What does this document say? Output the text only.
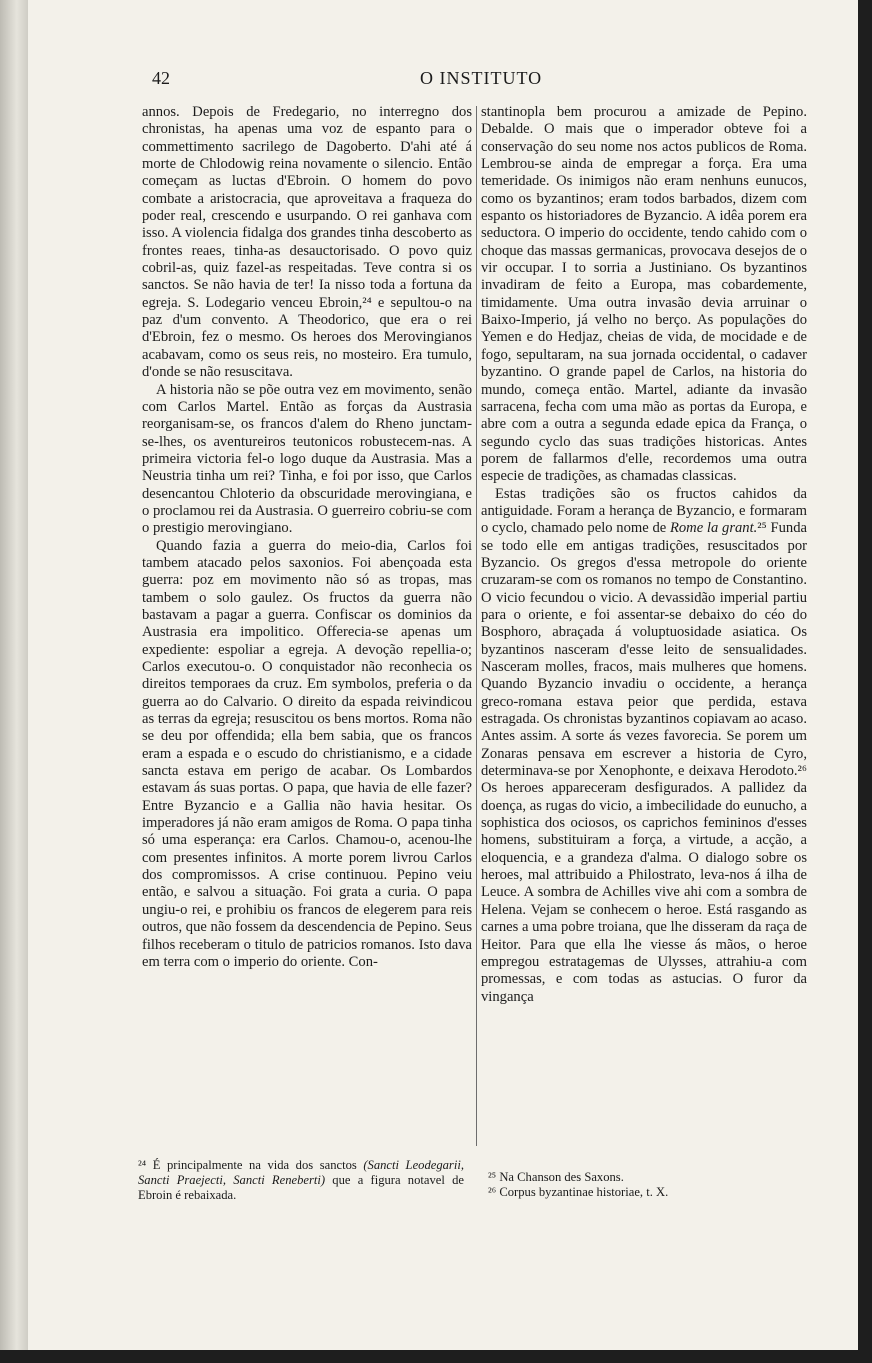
42	O INSTITUTO

annos. Depois de Fredegario, no interregno dos chronistas, ha apenas uma voz de espanto para o commettimento sacrilego de Dagoberto. D'ahi até á morte de Chlodowig reina novamente o silencio. Então começam as luctas d'Ebroin. O homem do povo combate a aristocracia, que aproveitava a fraqueza do poder real, crescendo e usurpando. O rei ganhava com isso. A violencia fidalga dos grandes tinha descoberto as frontes reaes, tinha-as desauctorisado. O povo quiz cobril-as, quiz fazel-as respeitadas. Teve contra si os sanctos. Se não havia de ter! Ia nisso toda a fortuna da egreja. S. Lodegario venceu Ebroin,²⁴ e sepultou-o na paz d'um convento. A Theodorico, que era o rei d'Ebroin, fez o mesmo. Os heroes dos Merovingianos acabavam, como os seus reis, no mosteiro. Era tumulo, d'onde se não resuscitava.

A historia não se põe outra vez em movimento, senão com Carlos Martel. Então as forças da Austrasia reorganisam-se, os francos d'alem do Rheno junctam-se-lhes, os aventureiros teutonicos robustecem-nas. A primeira victoria fel-o logo duque da Austrasia. Mas a Neustria tinha um rei? Tinha, e foi por isso, que Carlos desencantou Chloterio da obscuridade merovingiana, e o proclamou rei da Austrasia. O guerreiro cobriu-se com o prestigio merovingiano.

Quando fazia a guerra do meio-dia, Carlos foi tambem atacado pelos saxonios. Foi abençoada esta guerra: poz em movimento não só as tropas, mas tambem o solo gaulez. Os fructos da guerra não bastavam a pagar a guerra. Confiscar os dominios da Austrasia era impolitico. Offerecia-se apenas um expediente: espoliar a egreja. A devoção repellia-o; Carlos executou-o. O conquistador não reconhecia os direitos temporaes da cruz. Em symbolos, preferia o da guerra ao do Calvario. O direito da espada reivindicou as terras da egreja; resuscitou os bens mortos. Roma não se deu por offendida; ella bem sabia, que os francos eram a espada e o escudo do christianismo, e a cidade sancta estava em perigo de acabar. Os Lombardos estavam ás suas portas. O papa, que havia de elle fazer? Entre Byzancio e a Gallia não havia hesitar. Os imperadores já não eram amigos de Roma. O papa tinha só uma esperança: era Carlos. Chamou-o, acenou-lhe com presentes infinitos. A morte porem livrou Carlos dos compromissos. A crise continuou. Pepino veiu então, e salvou a situação. Foi grata a curia. O papa ungiu-o rei, e prohibiu os francos de elegerem para reis outros, que não fossem da descendencia de Pepino. Seus filhos receberam o titulo de patricios romanos. Isto dava em terra com o imperio do oriente. Con-

stantinopla bem procurou a amizade de Pepino. Debalde. O mais que o imperador obteve foi a conservação do seu nome nos actos publicos de Roma. Lembrou-se ainda de empregar a força. Era uma temeridade. Os inimigos não eram nenhuns eunucos, como os byzantinos; eram todos barbados, dizem com espanto os historiadores de Byzancio. A idêa porem era seductora. O imperio do occidente, tendo cahido com o choque das massas germanicas, provocava desejos de o vir occupar. I to sorria a Justiniano. Os byzantinos invadiram de feito a Europa, mas cobardemente, timidamente. Uma outra invasão devia arruinar o Baixo-Imperio, já velho no berço. As populações do Yemen e do Hedjaz, cheias de vida, de mocidade e de fogo, sepultaram, na sua jornada occidental, o cadaver byzantino. O grande papel de Carlos, na historia do mundo, começa então. Martel, adiante da invasão sarracena, fecha com uma mão as portas da Europa, e abre com a outra a segunda edade epica da França, o segundo cyclo das suas tradições historicas. Antes porem de fallarmos d'elle, recordemos uma outra especie de tradições, as chamadas classicas.

Estas tradições são os fructos cahidos da antiguidade. Foram a herança de Byzancio, e formaram o cyclo, chamado pelo nome de Rome la grant.²⁵ Funda se todo elle em antigas tradições, resuscitados por Byzancio. Os gregos d'essa metropole do oriente cruzaram-se com os romanos no tempo de Constantino. O vicio fecundou o vicio. A devassidão imperial partiu para o oriente, e foi assentar-se debaixo do céo do Bosphoro, abraçada á voluptuosidade asiatica. Os byzantinos nasceram d'esse leito de sensualidades. Nasceram molles, fracos, mais mulheres que homens. Quando Byzancio invadiu o occidente, a herança greco-romana estava peior que perdida, estava estragada. Os chronistas byzantinos copiavam ao acaso. Antes assim. A sorte ás vezes favorecia. Se porem um Zonaras pensava em escrever a historia de Cyro, determinava-se por Xenophonte, e deixava Herodoto.²⁶ Os heroes appareceram desfigurados. A pallidez da doença, as rugas do vicio, a imbecilidade do eunucho, a sophistica dos ociosos, os caprichos femininos d'esses homens, substituiram a força, a virtude, a acção, a eloquencia, e a grandeza d'alma. O dialogo sobre os heroes, mal attribuido a Philostrato, leva-nos á ilha de Leuce. A sombra de Achilles vive ahi com a sombra de Helena. Vejam se conhecem o heroe. Está rasgando as carnes a uma pobre troiana, que lhe disseram da raça de Heitor. Para que ella lhe viesse ás mãos, o heroe empregou estratagemas de Ulysses, attrahiu-a com promessas, e com todas as astucias. O furor da vingança

²⁴ É principalmente na vida dos sanctos (Sancti Leodegarii, Sancti Praejecti, Sancti Reneberti) que a figura notavel de Ebroin é rebaixada.
²⁵ Na Chanson des Saxons.
²⁶ Corpus byzantinae historiae, t. X.
